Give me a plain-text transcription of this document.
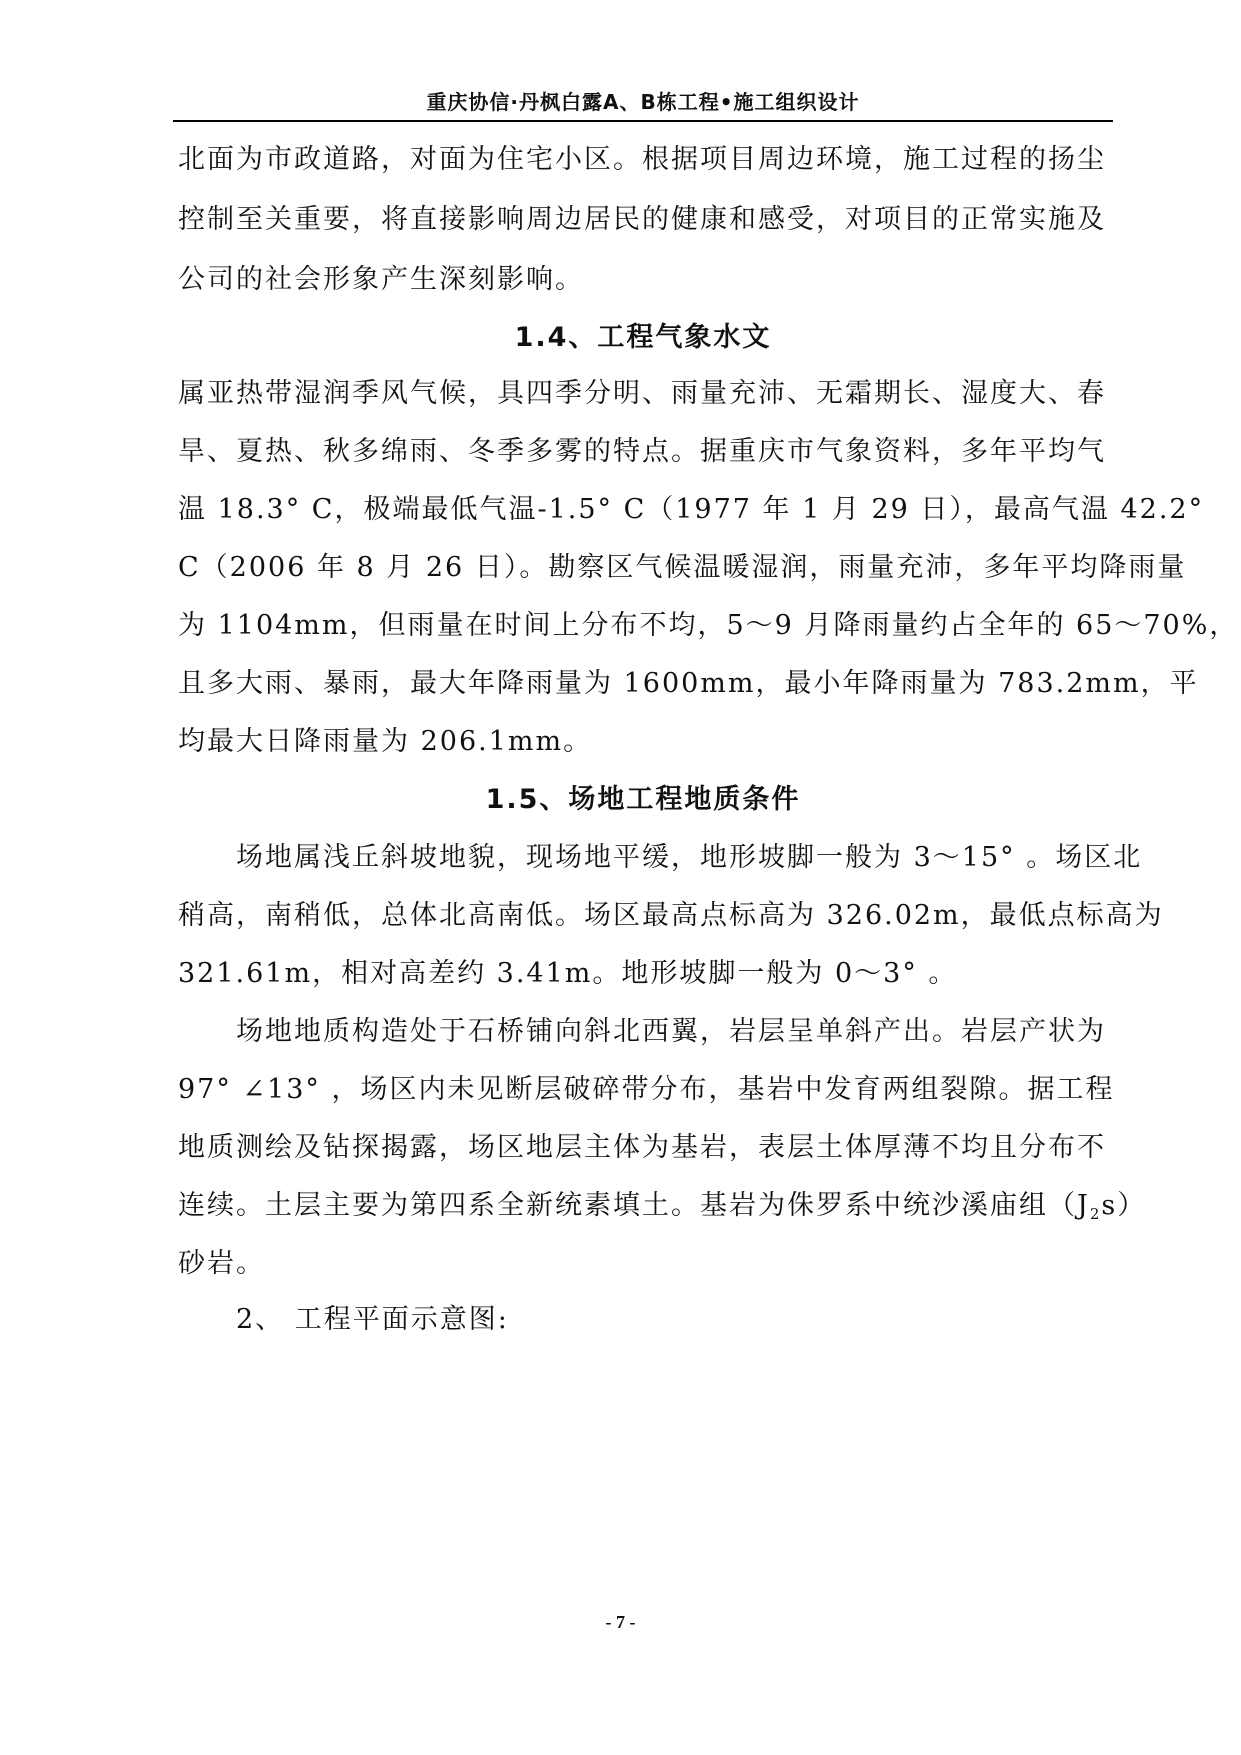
重庆协信·丹枫白露A、B栋工程•施工组织设计
北面为市政道路，对面为住宅小区。根据项目周边环境，施工过程的扬尘
控制至关重要，将直接影响周边居民的健康和感受，对项目的正常实施及
公司的社会形象产生深刻影响。
1.4、工程气象水文
属亚热带湿润季风气候，具四季分明、雨量充沛、无霜期长、湿度大、春
旱、夏热、秋多绵雨、冬季多雾的特点。据重庆市气象资料，多年平均气
温 18.3° C，极端最低气温-1.5° C（1977 年 1 月 29 日），最高气温 42.2°
C（2006 年 8 月 26 日）。勘察区气候温暖湿润，雨量充沛，多年平均降雨量
为 1104mm，但雨量在时间上分布不均，5～9 月降雨量约占全年的 65～70%，
且多大雨、暴雨，最大年降雨量为 1600mm，最小年降雨量为 783.2mm，平
均最大日降雨量为 206.1mm。
1.5、场地工程地质条件
场地属浅丘斜坡地貌，现场地平缓，地形坡脚一般为 3～15° 。场区北
稍高，南稍低，总体北高南低。场区最高点标高为 326.02m，最低点标高为
321.61m，相对高差约 3.41m。地形坡脚一般为 0～3° 。
场地地质构造处于石桥铺向斜北西翼，岩层呈单斜产出。岩层产状为
97° ∠13° ，场区内未见断层破碎带分布，基岩中发育两组裂隙。据工程
地质测绘及钻探揭露，场区地层主体为基岩，表层土体厚薄不均且分布不
连续。土层主要为第四系全新统素填土。基岩为侏罗系中统沙溪庙组$(J_2s)$
砂岩。
2、 工程平面示意图:
- 7 -
